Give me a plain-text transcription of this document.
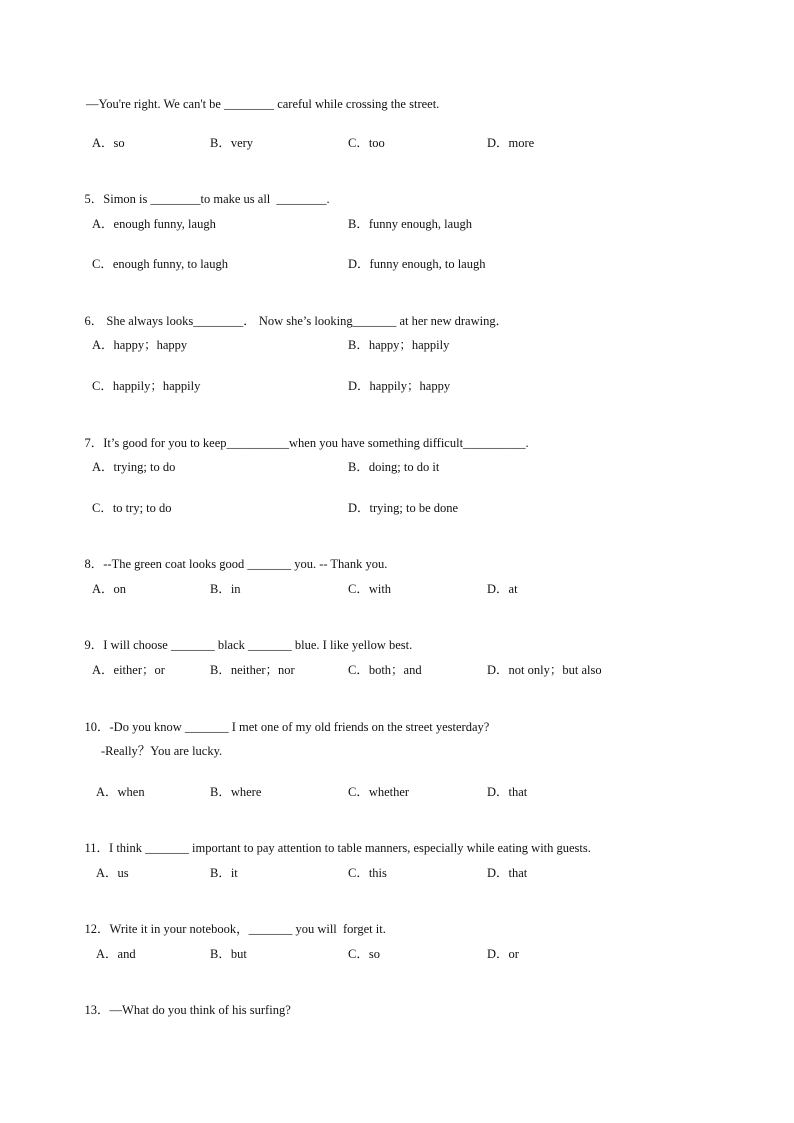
—You're right. We can't be ________ careful while crossing the street.
A．so	B．very	C．too	D．more

5．Simon is ________to make us all  ________.

A．enough funny, laugh	B．funny enough, laugh
C．enough funny, to laugh	D．funny enough, to laugh

6． She always looks________． Now she’s looking_______ at her new drawing．

A．happy；happy	B．happy；happily
C．happily；happily	D．happily；happy

7．It’s good for you to keep__________when you have something difficult__________.

A．trying; to do	B．doing; to do it
C．to try; to do	D．trying; to be done

8．--The green coat looks good _______ you. -- Thank you.

A．on	B．in	C．with	D．at

9．I will choose _______ black _______ blue. I like yellow best.

A．either；or	B．neither；nor	C．both；and	D．not only；but also

10．-Do you know _______ I met one of my old friends on the street yesterday?

-Really？You are lucky.
A．when	B．where	C．whether	D．that

11．I think _______ important to pay attention to table manners, especially while eating with guests.

A．us	B．it	C．this	D．that

12．Write it in your notebook，_______ you will  forget it.

A．and	B．but	C．so	D．or

13．—What do you think of his surfing?
